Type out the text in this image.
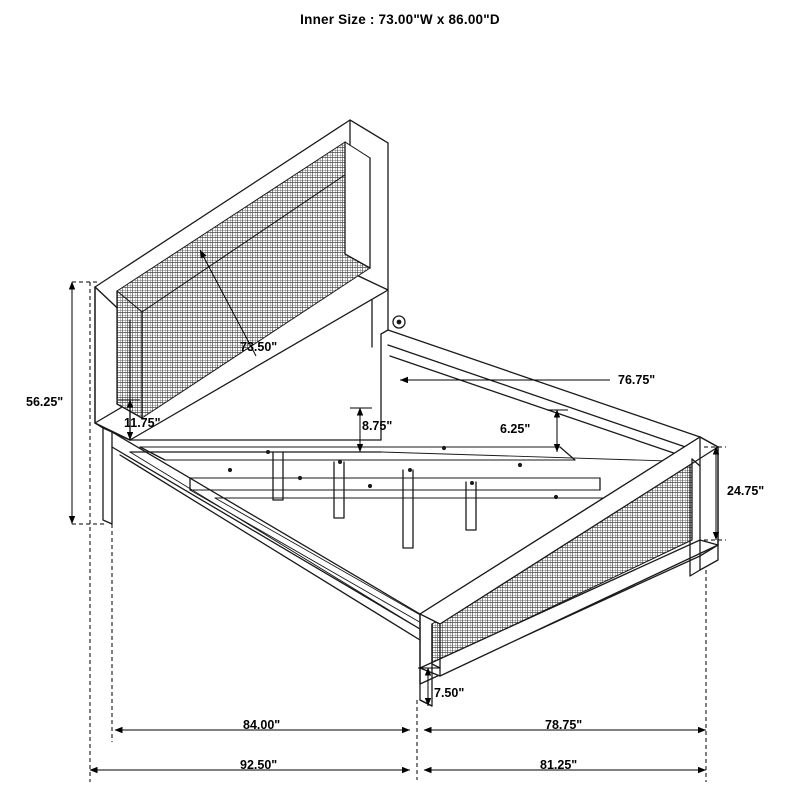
Inner Size : 73.00"W x 86.00"D
73.50"
56.25"
11.75"	8.75"	6.25"
76.75"
24.75"
7.50"
84.00"	78.75"
92.50"	81.25"
